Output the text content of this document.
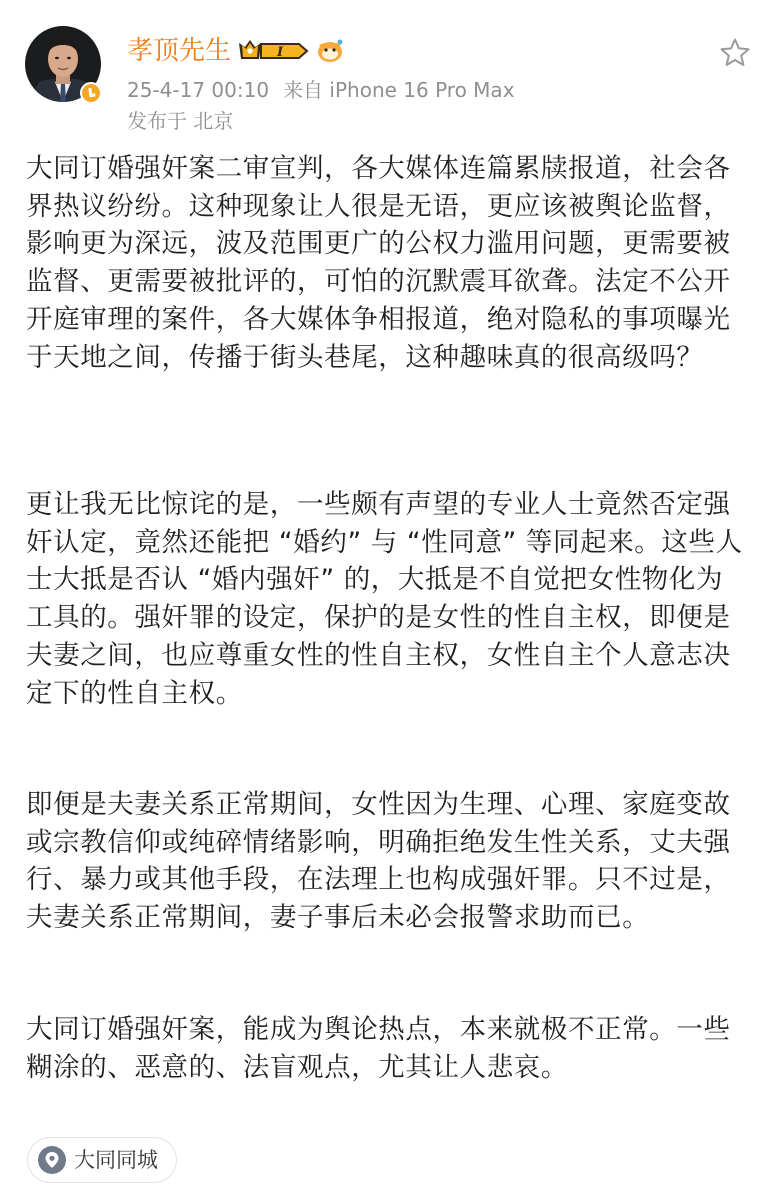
孝顶先生	I
25-4-17 00:10 来自 iPhone 16 Pro Max
发布于 北京

大同订婚强奸案二审宣判，各大媒体连篇累牍报道，社会各界热议纷纷。这种现象让人很是无语，更应该被舆论监督，影响更为深远，波及范围更广的公权力滥用问题，更需要被监督、更需要被批评的，可怕的沉默震耳欲聋。法定不公开开庭审理的案件，各大媒体争相报道，绝对隐私的事项曝光于天地之间，传播于街头巷尾，这种趣味真的很高级吗？

更让我无比惊诧的是，一些颇有声望的专业人士竟然否定强奸认定，竟然还能把 “婚约” 与 “性同意” 等同起来。这些人士大抵是否认 “婚内强奸” 的，大抵是不自觉把女性物化为工具的。强奸罪的设定，保护的是女性的性自主权，即便是夫妻之间，也应尊重女性的性自主权，女性自主个人意志决定下的性自主权。

即便是夫妻关系正常期间，女性因为生理、心理、家庭变故或宗教信仰或纯碎情绪影响，明确拒绝发生性关系，丈夫强行、暴力或其他手段，在法理上也构成强奸罪。只不过是，夫妻关系正常期间，妻子事后未必会报警求助而已。

大同订婚强奸案，能成为舆论热点，本来就极不正常。一些糊涂的、恶意的、法盲观点，尤其让人悲哀。

大同同城
